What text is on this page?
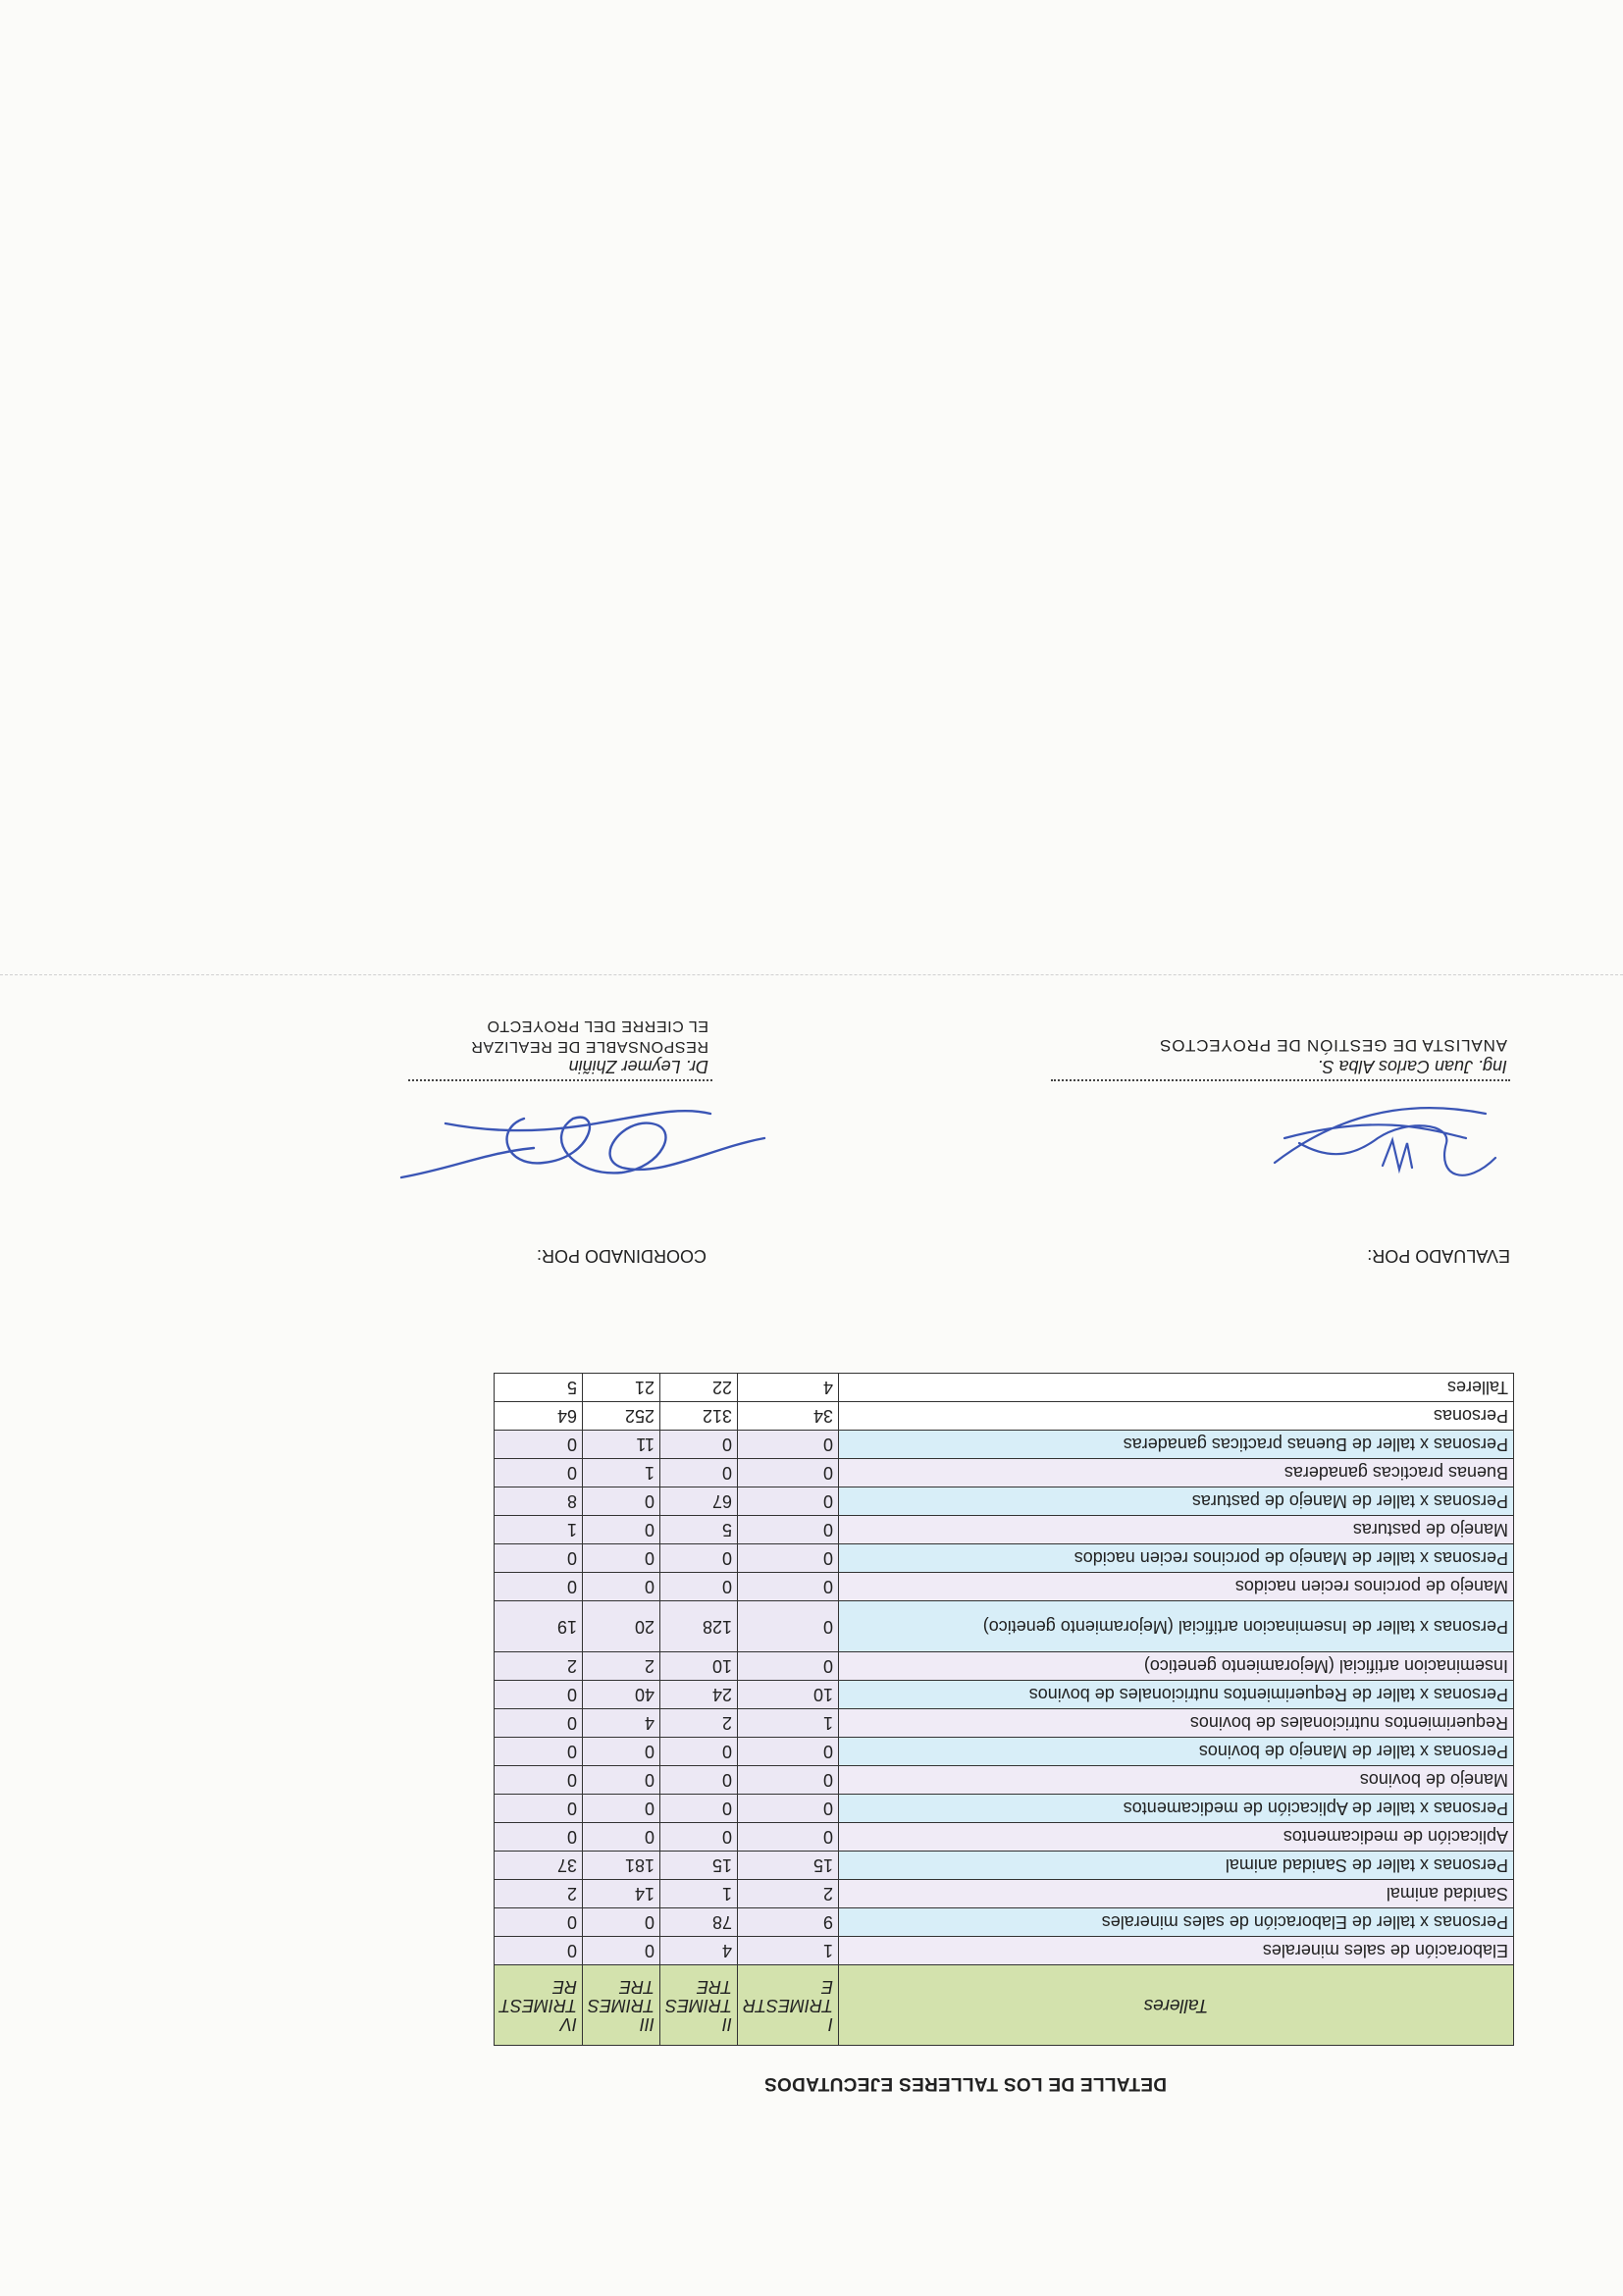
DETALLE DE LOS TALLERES EJECUTADOS
Talleres	I TRIMESTR E	II TRIMES TRE	III TRIMES TRE	IV TRIMEST RE
Elaboración de sales minerales	1	4	0	0
Personas x taller de Elaboración de sales minerales	9	78	0	0
Sanidad animal	2	1	14	2
Personas x taller de Sanidad animal	15	15	181	37
Aplicación de medicamentos	0	0	0	0
Personas x taller de Aplicación de medicamentos	0	0	0	0
Manejo de bovinos	0	0	0	0
Personas x taller de Manejo de bovinos	0	0	0	0
Requerimientos nutricionales de bovinos	1	2	4	0
Personas x taller de Requerimientos nutricionales de bovinos	10	24	40	0
Inseminacion artificial (Mejoramiento genetico)	0	10	2	2
Personas x taller de Inseminacion artificial (Mejoramiento genetico)	0	128	20	19
Manejo de porcinos recien nacidos	0	0	0	0
Personas x taller de Manejo de porcinos recien nacidos	0	0	0	0
Manejo de pasturas	0	5	0	1
Personas x taller de Manejo de pasturas	0	67	0	8
Buenas practicas ganaderas	0	0	1	0
Personas x taller de Buenas practicas ganaderas	0	0	11	0
Personas	34	312	252	64
Talleres	4	22	21	5
EVALUADO POR:
COORDINADO POR:
Ing. Juan Carlos Alba S.
ANALISTA DE GESTIÓN DE PROYECTOS
Dr. Leymer Zhiñin
RESPONSABLE DE REALIZAR
EL CIERRE DEL PROYECTO
